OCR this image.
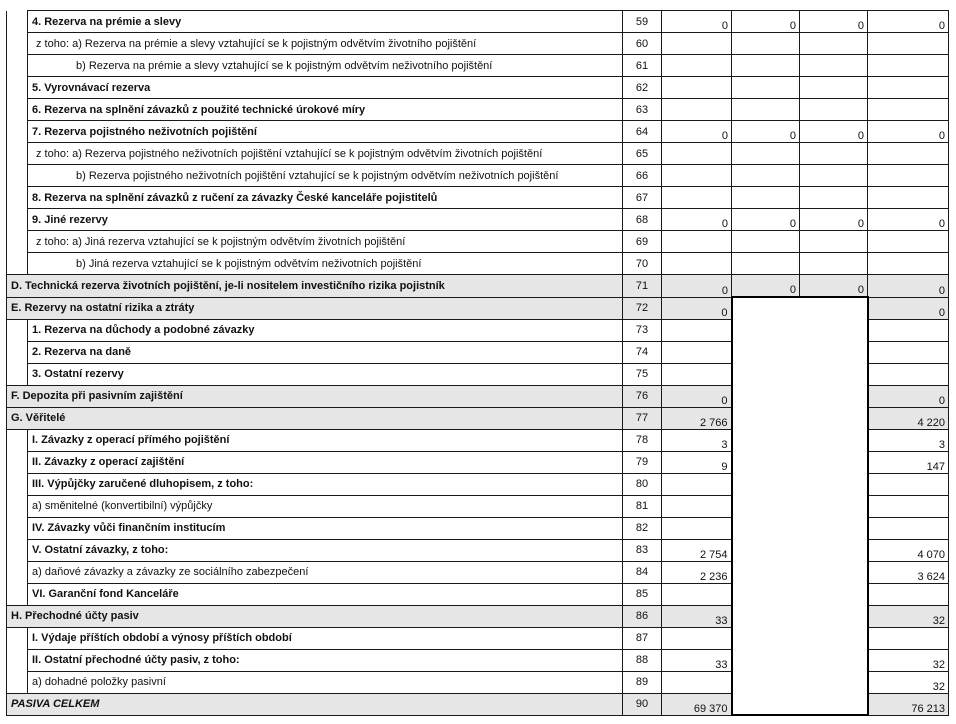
	4. Rezerva na prémie a slevy	59	0	0	0	0
	z toho: a) Rezerva na prémie a slevy vztahující se k pojistným odvětvím životního pojištění	60				
	b) Rezerva na prémie a slevy vztahující se k pojistným odvětvím neživotního pojištění	61				
	5. Vyrovnávací rezerva	62				
	6. Rezerva na splnění závazků z použité technické úrokové míry	63				
	7. Rezerva pojistného neživotních pojištění	64	0	0	0	0
	z toho: a) Rezerva pojistného neživotních pojištění vztahující se k pojistným odvětvím životních pojištění	65				
	b) Rezerva pojistného neživotních pojištění vztahující se k pojistným odvětvím neživotních pojištění	66				
	8. Rezerva na splnění závazků z ručení za závazky České kanceláře pojistitelů	67				
	9. Jiné rezervy	68	0	0	0	0
	z toho: a) Jiná rezerva vztahující se k pojistným odvětvím životních pojištění	69				
	b) Jiná rezerva vztahující se k pojistným odvětvím neživotních pojištění	70				
D. Technická rezerva životních pojištění, je-li nositelem investičního rizika pojistník		71	0	0	0	0
E. Rezervy na ostatní rizika a ztráty		72	0			0
	1. Rezerva na důchody a podobné závazky	73				
	2. Rezerva na daně	74				
	3. Ostatní rezervy	75				
F. Depozita při pasivním zajištění		76	0			0
G. Věřitelé		77	2 766			4 220
	I. Závazky z operací přímého pojištění	78	3			3
	II. Závazky z operací zajištění	79	9			147
	III. Výpůjčky zaručené dluhopisem, z toho:	80				
	a) směnitelné (konvertibilní) výpůjčky	81				
	IV. Závazky vůči finančním institucím	82				
	V. Ostatní závazky, z toho:	83	2 754			4 070
	a) daňové závazky a závazky ze sociálního zabezpečení	84	2 236			3 624
	VI. Garanční fond Kanceláře	85				
H. Přechodné účty pasiv		86	33			32
	I. Výdaje příštích období a výnosy příštích období	87				
	II. Ostatní přechodné účty pasiv, z toho:	88	33			32
	a) dohadné položky pasivní	89				32
PASIVA CELKEM		90	69 370			76 213
